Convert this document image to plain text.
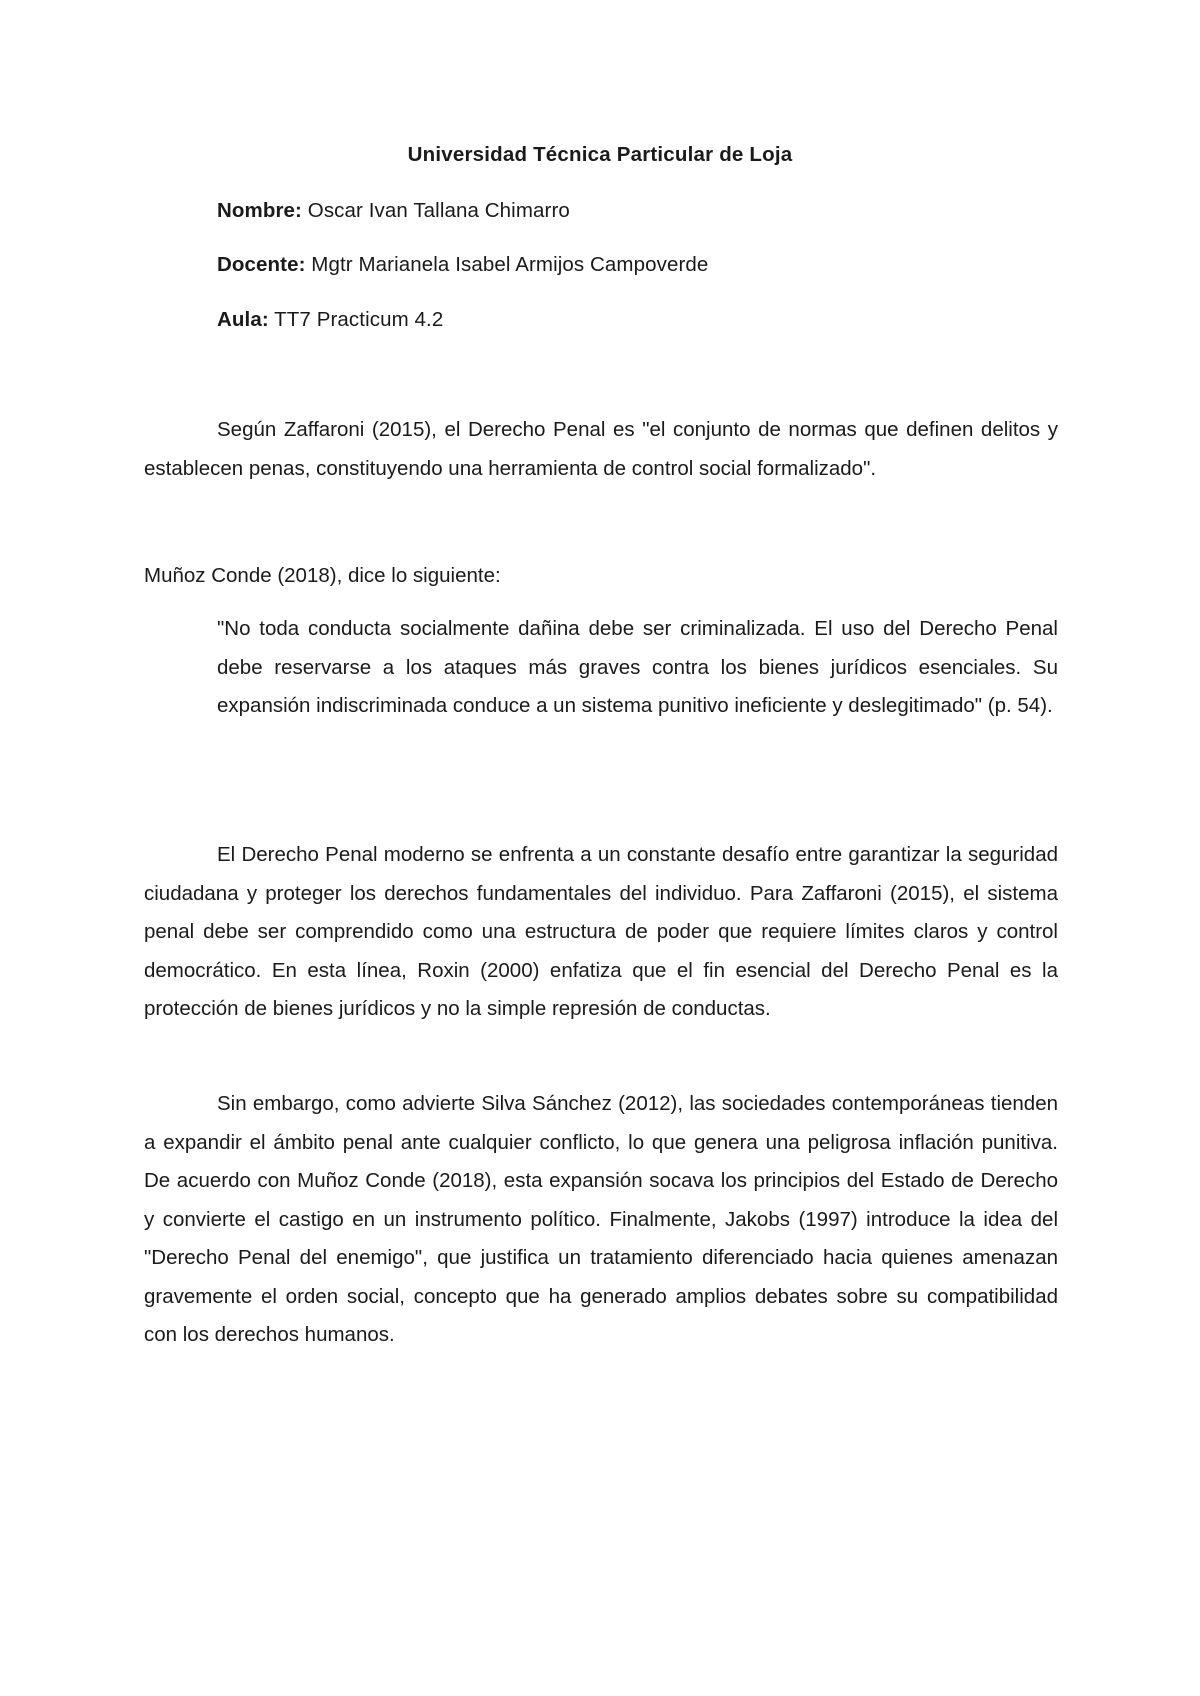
Universidad Técnica Particular de Loja
Nombre: Oscar Ivan Tallana Chimarro
Docente: Mgtr Marianela Isabel Armijos Campoverde
Aula: TT7 Practicum 4.2

Según Zaffaroni (2015), el Derecho Penal es "el conjunto de normas que definen delitos y establecen penas, constituyendo una herramienta de control social formalizado".

Muñoz Conde (2018), dice lo siguiente:

"No toda conducta socialmente dañina debe ser criminalizada. El uso del Derecho Penal debe reservarse a los ataques más graves contra los bienes jurídicos esenciales. Su expansión indiscriminada conduce a un sistema punitivo ineficiente y deslegitimado" (p. 54).

El Derecho Penal moderno se enfrenta a un constante desafío entre garantizar la seguridad ciudadana y proteger los derechos fundamentales del individuo. Para Zaffaroni (2015), el sistema penal debe ser comprendido como una estructura de poder que requiere límites claros y control democrático. En esta línea, Roxin (2000) enfatiza que el fin esencial del Derecho Penal es la protección de bienes jurídicos y no la simple represión de conductas.

Sin embargo, como advierte Silva Sánchez (2012), las sociedades contemporáneas tienden a expandir el ámbito penal ante cualquier conflicto, lo que genera una peligrosa inflación punitiva. De acuerdo con Muñoz Conde (2018), esta expansión socava los principios del Estado de Derecho y convierte el castigo en un instrumento político. Finalmente, Jakobs (1997) introduce la idea del "Derecho Penal del enemigo", que justifica un tratamiento diferenciado hacia quienes amenazan gravemente el orden social, concepto que ha generado amplios debates sobre su compatibilidad con los derechos humanos.
